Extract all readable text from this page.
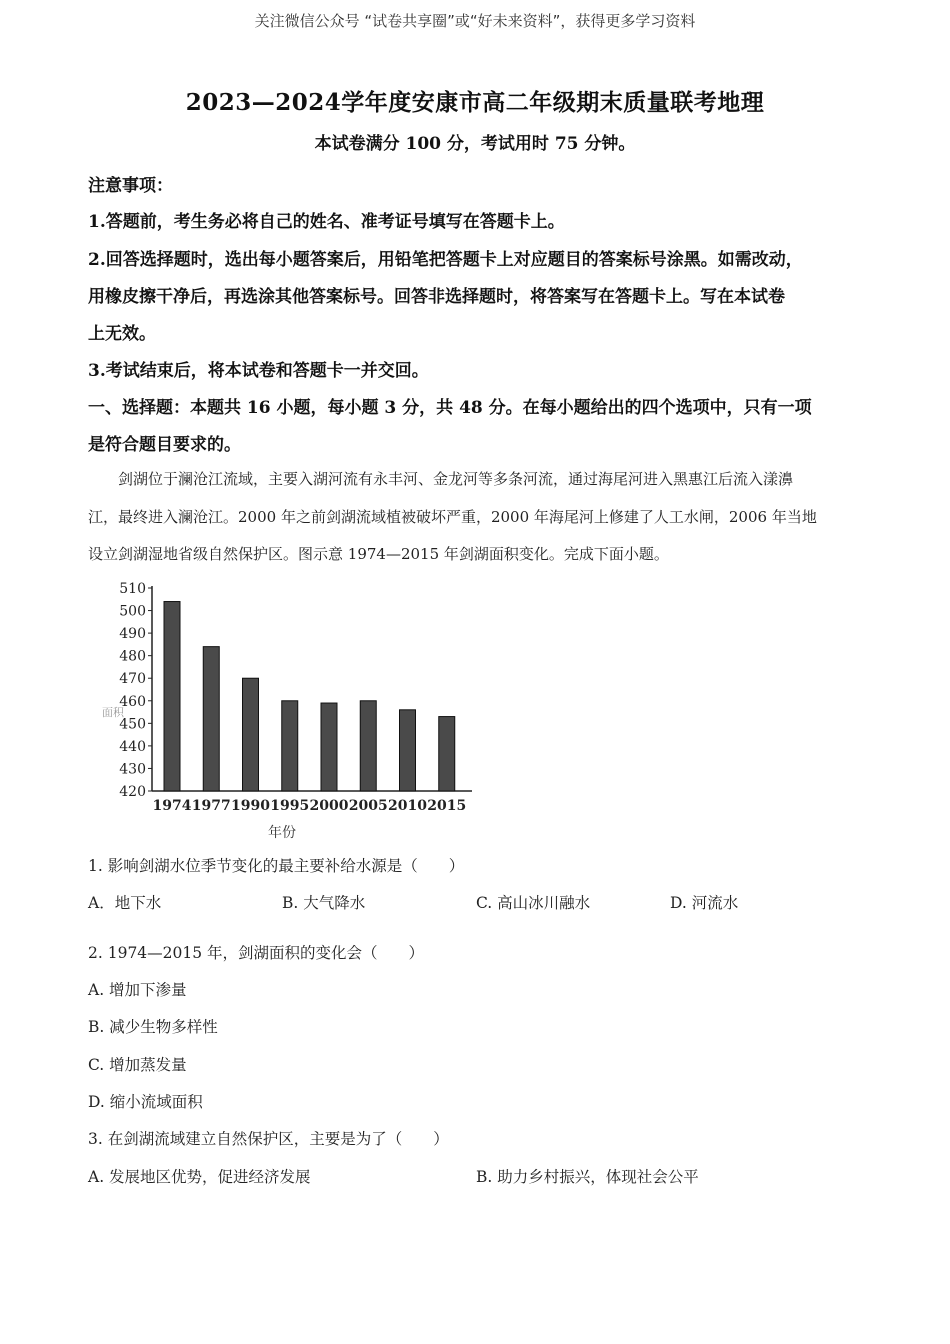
关注微信公众号 “试卷共享圈”或“好未来资料”，获得更多学习资料
2023—2024学年度安康市高二年级期末质量联考地理
本试卷满分 100 分，考试用时 75 分钟。
注意事项：
1.答题前，考生务必将自己的姓名、准考证号填写在答题卡上。
2.回答选择题时，选出每小题答案后，用铅笔把答题卡上对应题目的答案标号涂黑。如需改动，
用橡皮擦干净后，再选涂其他答案标号。回答非选择题时，将答案写在答题卡上。写在本试卷
上无效。
3.考试结束后，将本试卷和答题卡一并交回。
一、选择题：本题共 16 小题，每小题 3 分，共 48 分。在每小题给出的四个选项中，只有一项
是符合题目要求的。
剑湖位于澜沧江流域，主要入湖河流有永丰河、金龙河等多条河流，通过海尾河进入黑惠江后流入漾濞
江，最终进入澜沧江。2000 年之前剑湖流域植被破坏严重，2000 年海尾河上修建了人工水闸，2006 年当地
设立剑湖湿地省级自然保护区。图示意 1974—2015 年剑湖面积变化。完成下面小题。
510
500
490
480
470
460
450
440
430
420
面积
1974 1977 1990 1995 2000 2005 2010 2015
年份
1. 影响剑湖水位季节变化的最主要补给水源是（　　）
A．地下水	B. 大气降水	C. 高山冰川融水	D. 河流水
2. 1974—2015 年，剑湖面积的变化会（　　）
A. 增加下渗量
B. 减少生物多样性
C. 增加蒸发量
D. 缩小流域面积
3. 在剑湖流域建立自然保护区，主要是为了（　　）
A. 发展地区优势，促进经济发展	B. 助力乡村振兴，体现社会公平
